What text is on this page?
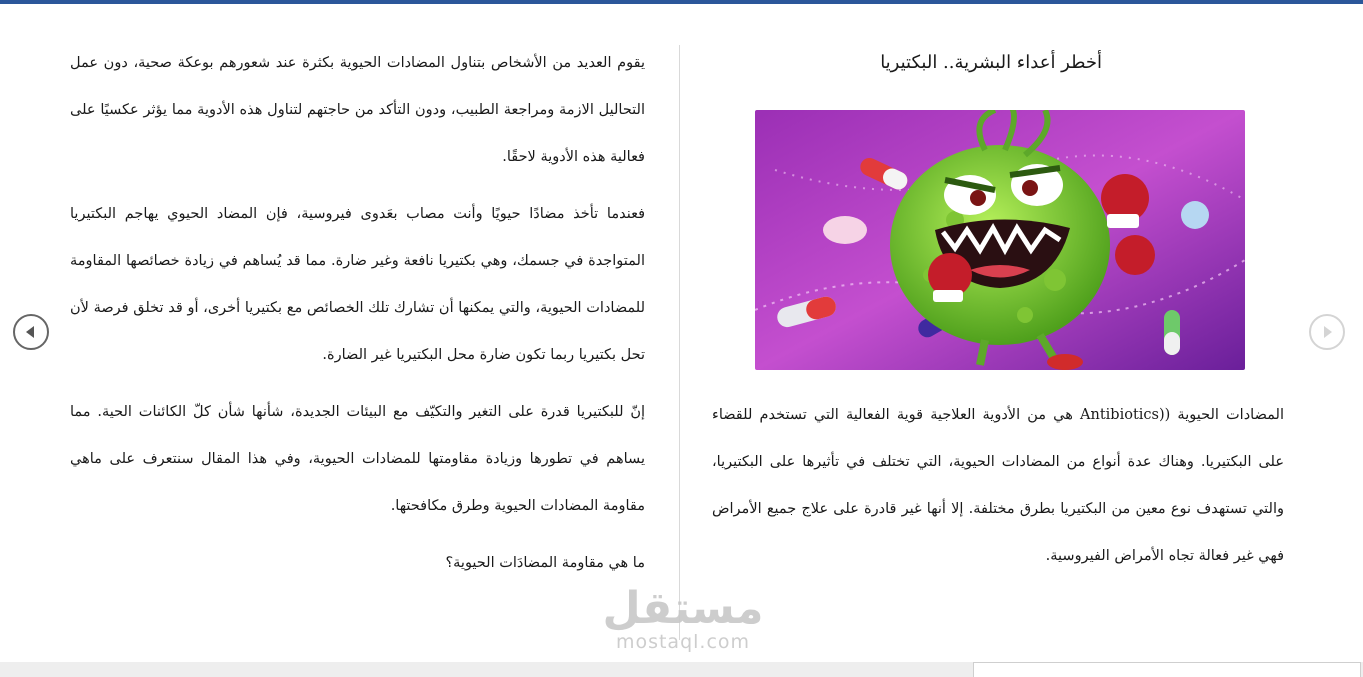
أخطر أعداء البشرية.. البكتيريا
المضادات الحيوية ((Antibiotics هي من الأدوية العلاجية قوية الفعالية التي تستخدم للقضاء على البكتيريا. وهناك عدة أنواع من المضادات الحيوية، التي تختلف في تأثيرها على البكتيريا، والتي تستهدف نوع معين من البكتيريا بطرق مختلفة. إلا أنها غير قادرة على علاج جميع الأمراض فهي غير فعالة تجاه الأمراض الفيروسية.

يقوم العديد من الأشخاص بتناول المضادات الحيوية بكثرة عند شعورهم بوعكة صحية، دون عمل التحاليل الازمة ومراجعة الطبيب، ودون التأكد من حاجتهم لتناول هذه الأدوية مما يؤثر عكسيًا على فعالية هذه الأدوية لاحقًا.

فعندما تأخذ مضادًا حيويًا وأنت مصاب بعَدوى فيروسية، فإن المضاد الحيوي يهاجم البكتيريا المتواجدة في جسمك، وهي بكتيريا نافعة وغير ضارة. مما قد يُساهم في زيادة خصائصها المقاومة للمضادات الحيوية، والتي يمكنها أن تشارك تلك الخصائص مع بكتيريا أخرى، أو قد تخلق فرصة لأن تحل بكتيريا ربما تكون ضارة محل البكتيريا غير الضارة.

إنّ للبكتيريا قدرة على التغير والتكيّف مع البيئات الجديدة، شأنها شأن كلّ الكائنات الحية. مما يساهم في تطورها وزيادة مقاومتها للمضادات الحيوية، وفي هذا المقال سنتعرف على ماهي مقاومة المضادات الحيوية وطرق مكافحتها.

ما هي مقاومة المضادَات الحيوية؟

مستقل
mostaql.com
